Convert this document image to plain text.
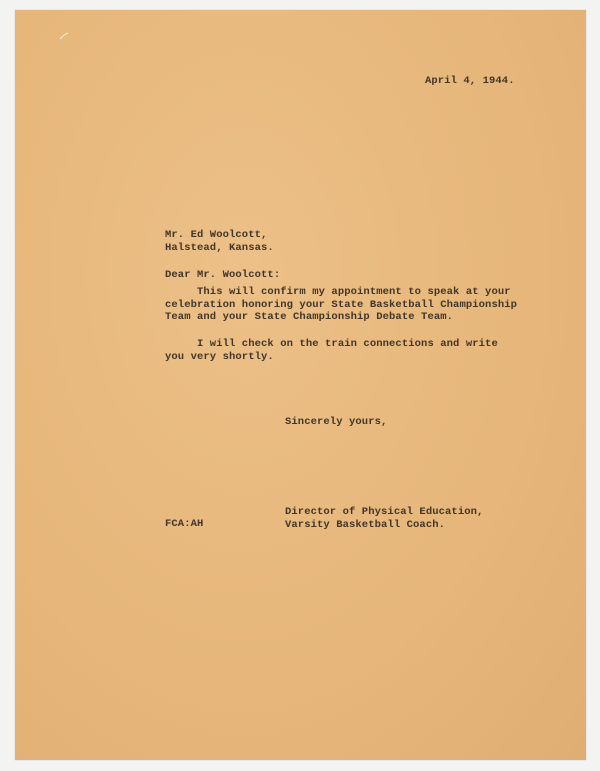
April 4, 1944.
Mr. Ed Woolcott,
Halstead, Kansas.
Dear Mr. Woolcott:
This will confirm my appointment to speak at your
celebration honoring your State Basketball Championship
Team and your State Championship Debate Team.
I will check on the train connections and write
you very shortly.
Sincerely yours,
Director of Physical Education,
Varsity Basketball Coach.
FCA:AH
